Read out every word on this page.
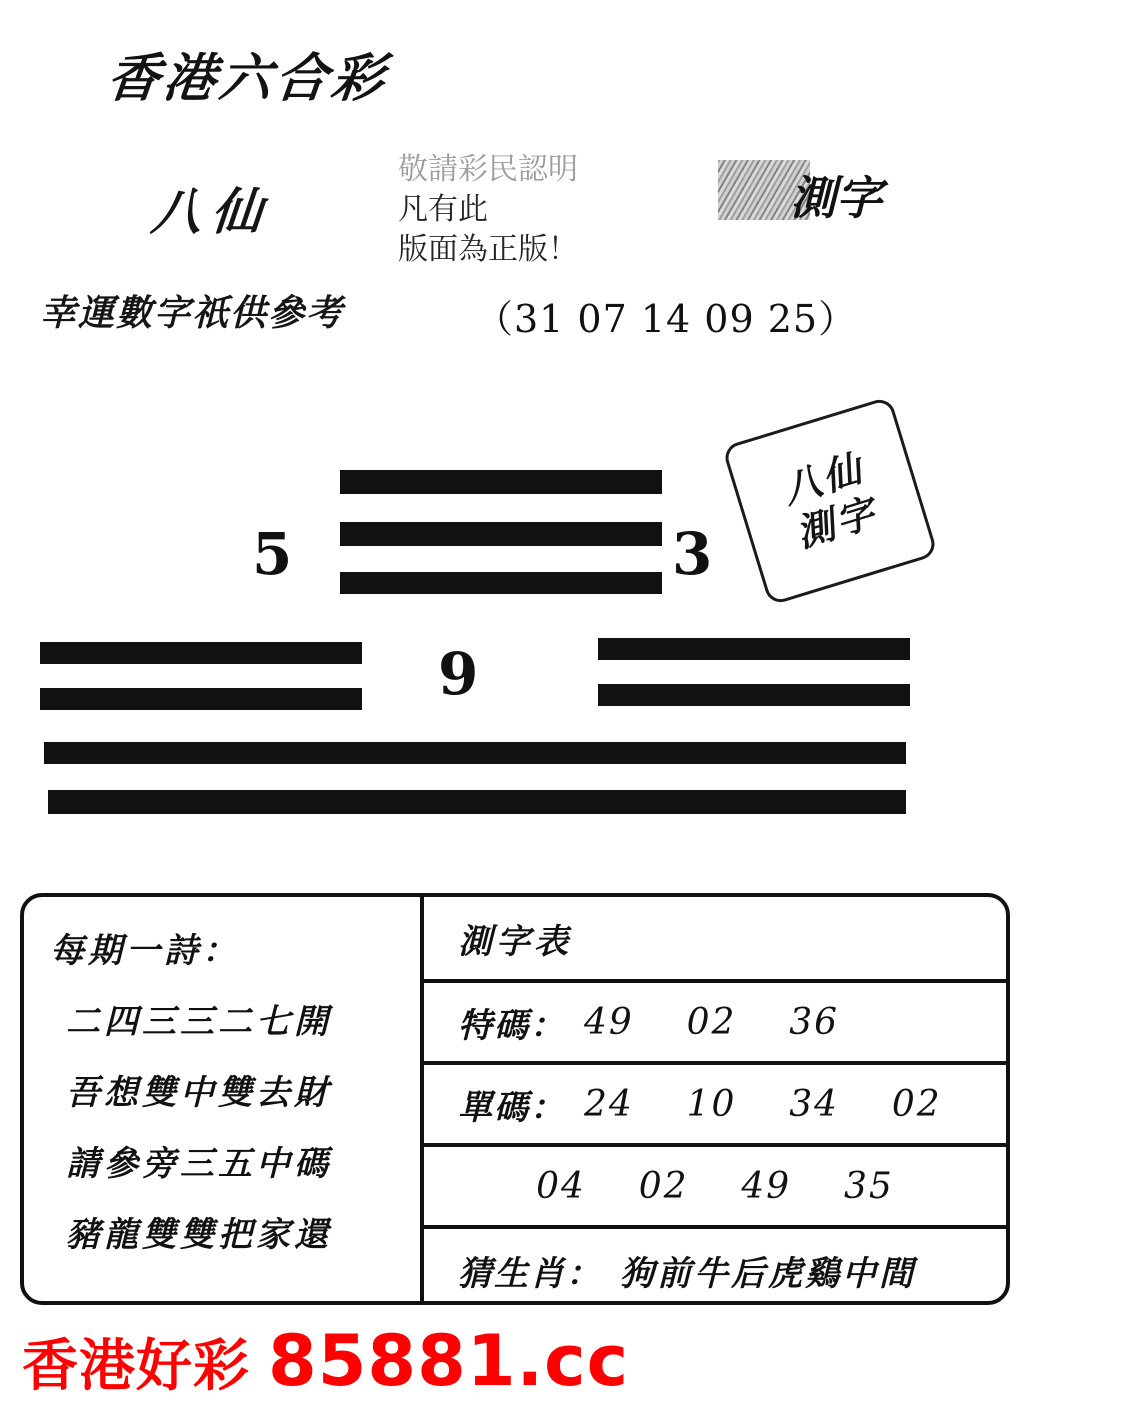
香港六合彩
八仙
敬請彩民認明
凡有此
版面為正版！
測字
幸運數字祇供參考	（31 07 14 09 25）
5	3
9
八仙
測字
每期一詩：
二四三三二七開
吾想雙中雙去財
請參旁三五中碼
豬龍雙雙把家還
測字表
特碼： 49 02 36
單碼： 24 10 34 02
04 02 49 35
猜生肖： 狗前牛后虎鷄中間
香港好彩 85881.cc
